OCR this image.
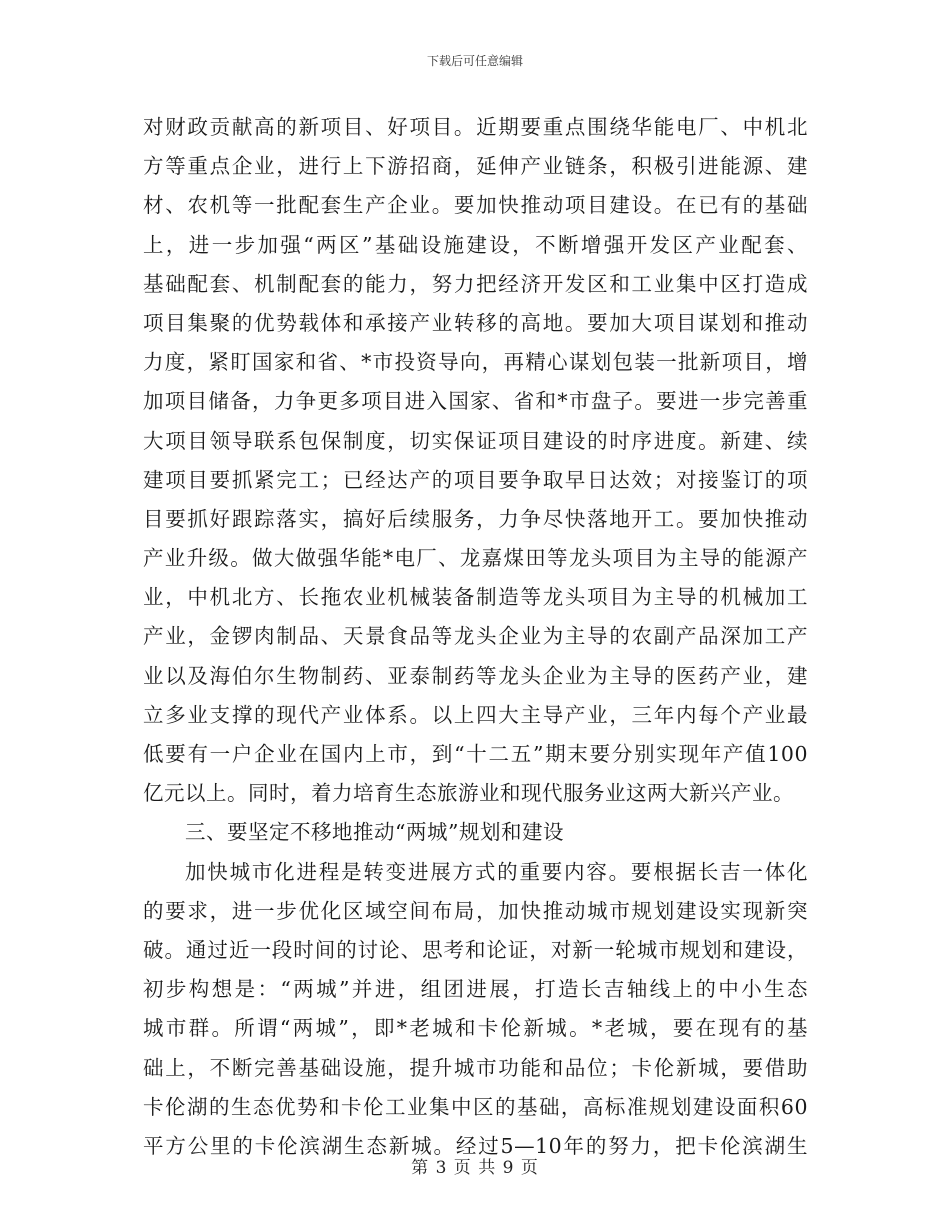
下载后可任意编辑
对财政贡献高的新项目、好项目。近期要重点围绕华能电厂、中机北
方等重点企业，进行上下游招商，延伸产业链条，积极引进能源、建
材、农机等一批配套生产企业。要加快推动项目建设。在已有的基础
上，进一步加强“两区”基础设施建设，不断增强开发区产业配套、
基础配套、机制配套的能力，努力把经济开发区和工业集中区打造成
项目集聚的优势载体和承接产业转移的高地。要加大项目谋划和推动
力度，紧盯国家和省、*市投资导向，再精心谋划包装一批新项目，增
加项目储备，力争更多项目进入国家、省和*市盘子。要进一步完善重
大项目领导联系包保制度，切实保证项目建设的时序进度。新建、续
建项目要抓紧完工；已经达产的项目要争取早日达效；对接鉴订的项
目要抓好跟踪落实，搞好后续服务，力争尽快落地开工。要加快推动
产业升级。做大做强华能*电厂、龙嘉煤田等龙头项目为主导的能源产
业，中机北方、长拖农业机械装备制造等龙头项目为主导的机械加工
产业，金锣肉制品、天景食品等龙头企业为主导的农副产品深加工产
业以及海伯尔生物制药、亚泰制药等龙头企业为主导的医药产业，建
立多业支撑的现代产业体系。以上四大主导产业，三年内每个产业最
低要有一户企业在国内上市，到“十二五”期末要分别实现年产值100
亿元以上。同时，着力培育生态旅游业和现代服务业这两大新兴产业。
三、要坚定不移地推动“两城”规划和建设
加快城市化进程是转变进展方式的重要内容。要根据长吉一体化
的要求，进一步优化区域空间布局，加快推动城市规划建设实现新突
破。通过近一段时间的讨论、思考和论证，对新一轮城市规划和建设，
初步构想是：“两城”并进，组团进展，打造长吉轴线上的中小生态
城市群。所谓“两城”，即*老城和卡伦新城。*老城，要在现有的基
础上，不断完善基础设施，提升城市功能和品位；卡伦新城，要借助
卡伦湖的生态优势和卡伦工业集中区的基础，高标准规划建设面积60
平方公里的卡伦滨湖生态新城。经过5—10年的努力，把卡伦滨湖生
第 3 页 共 9 页
